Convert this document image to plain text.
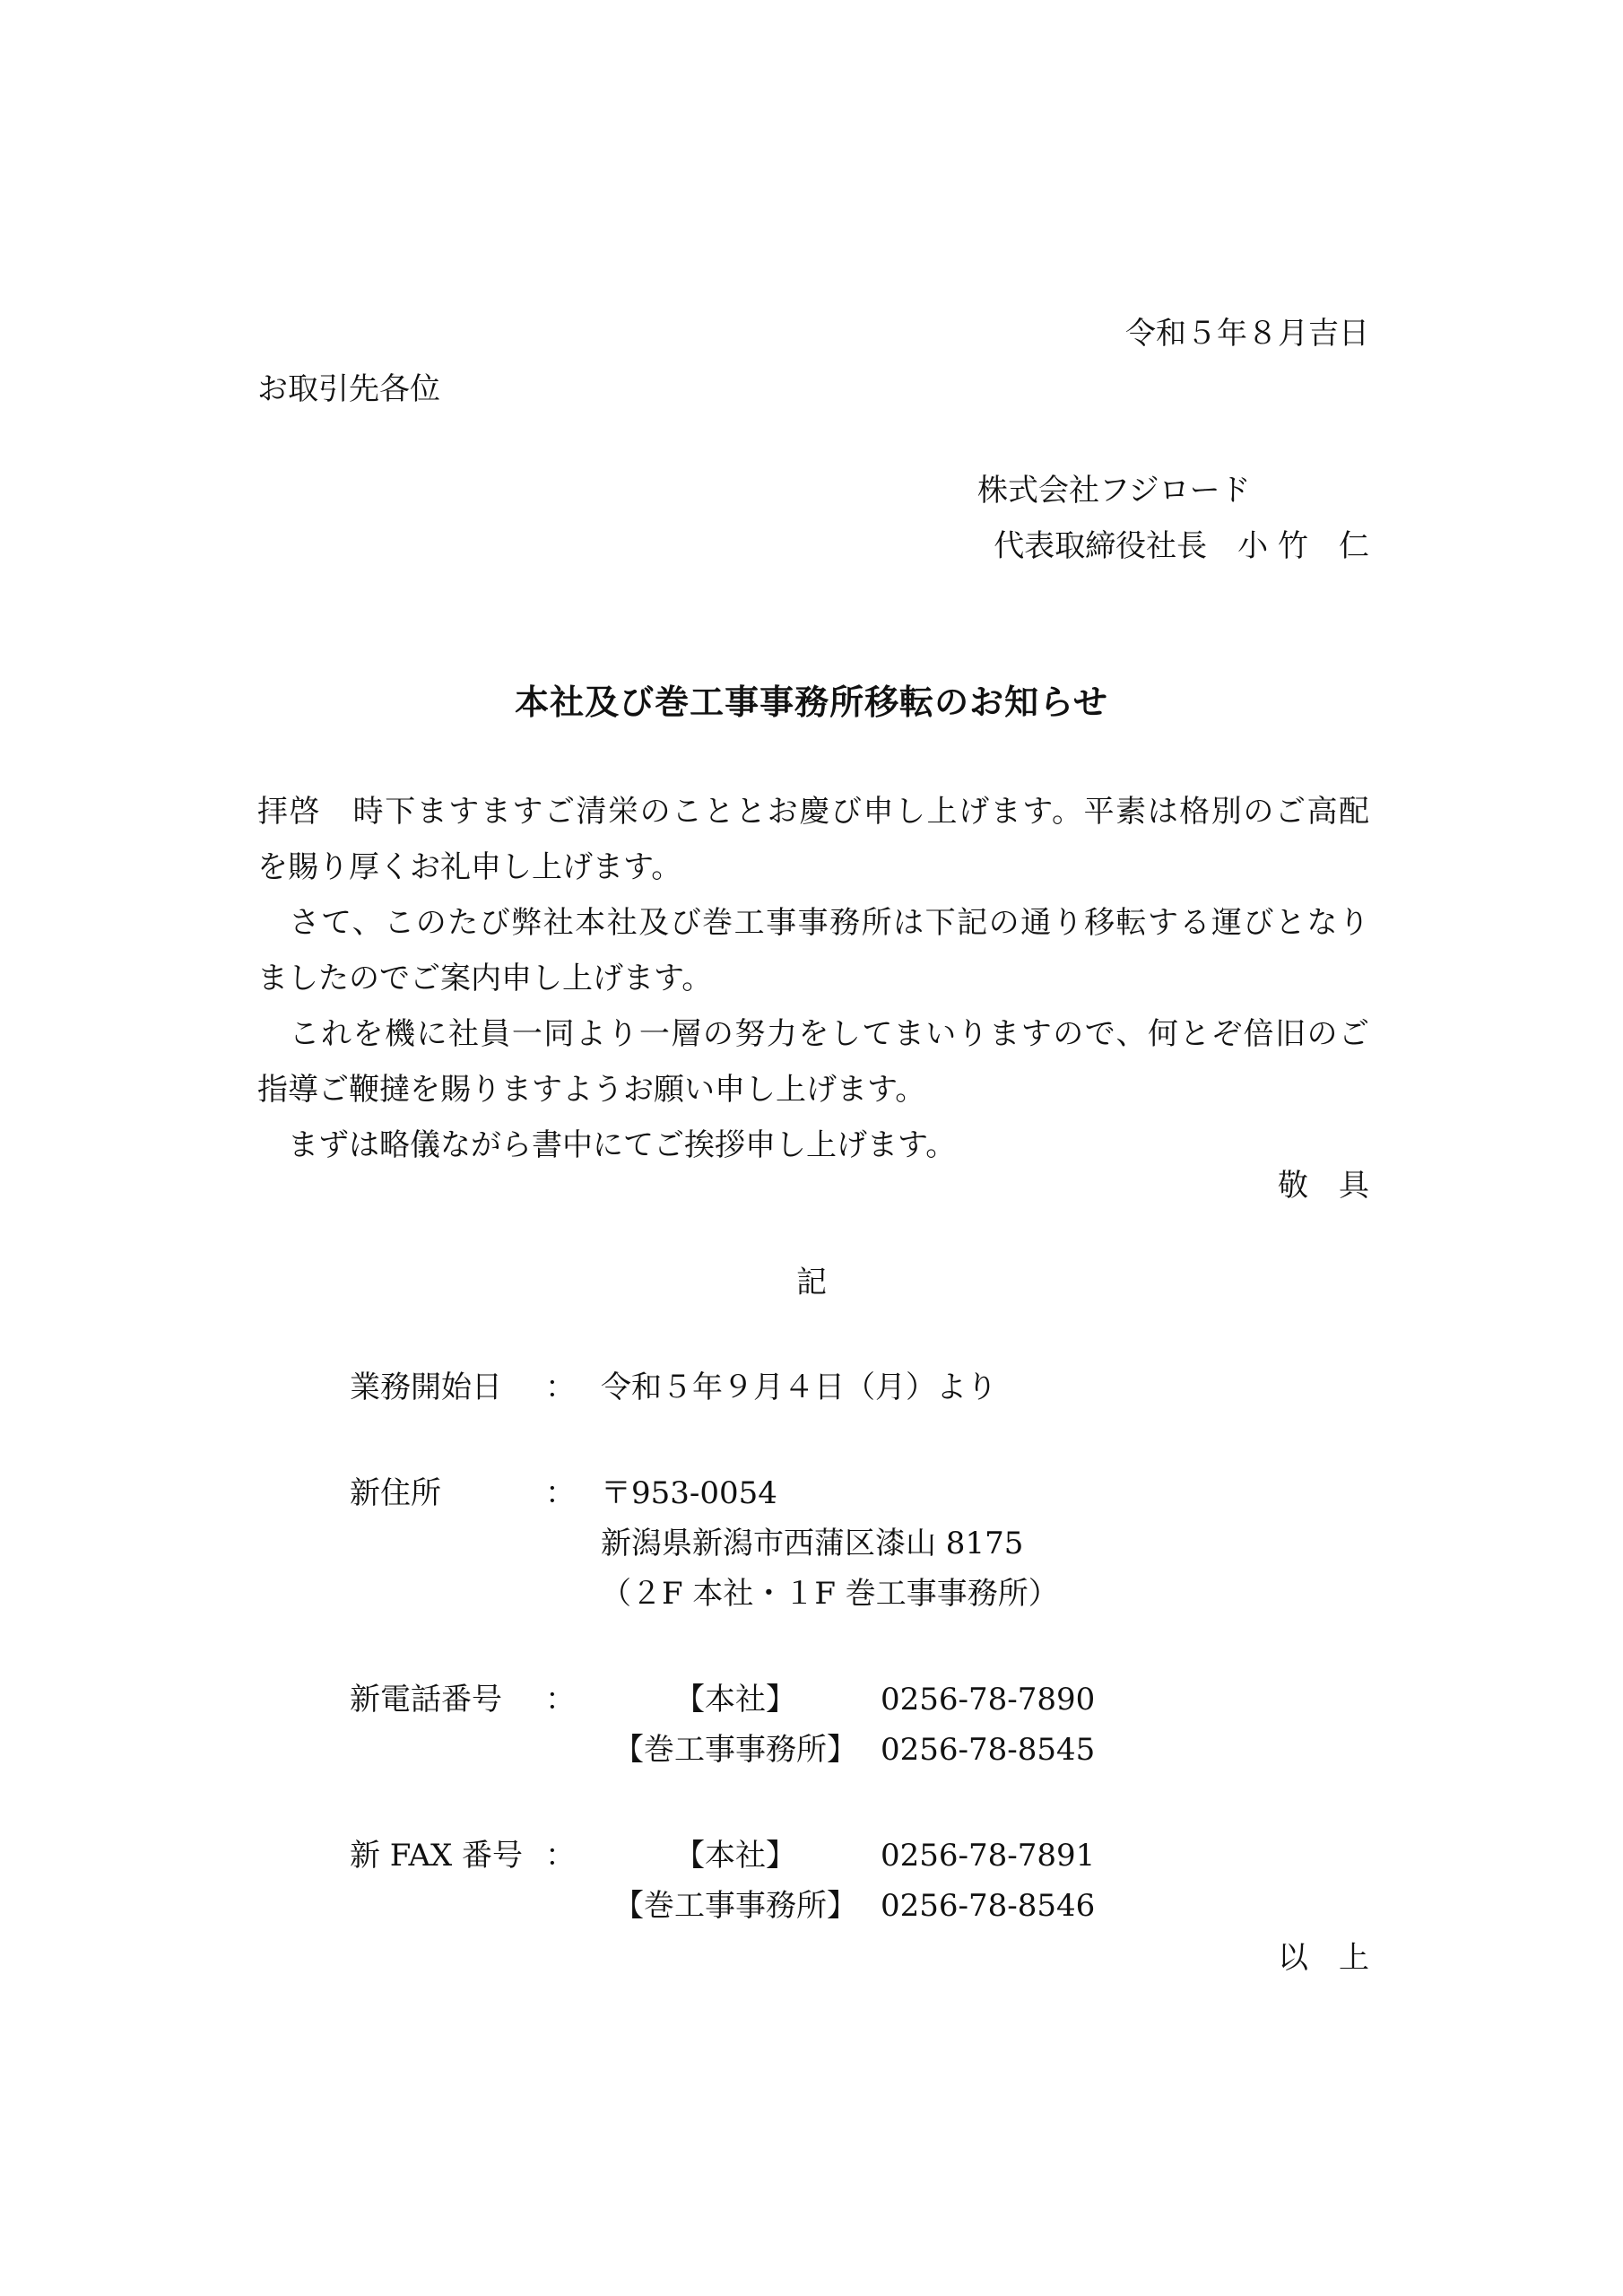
令和５年８月吉日
お取引先各位
株式会社フジロード
代表取締役社長　小 竹　仁
本社及び巻工事事務所移転のお知らせ
拝啓　時下ますますご清栄のこととお慶び申し上げます。平素は格別のご高配
を賜り厚くお礼申し上げます。
　さて、このたび弊社本社及び巻工事事務所は下記の通り移転する運びとなり
ましたのでご案内申し上げます。
　これを機に社員一同より一層の努力をしてまいりますので、何とぞ倍旧のご
指導ご鞭撻を賜りますようお願い申し上げます。
　まずは略儀ながら書中にてご挨拶申し上げます。
敬　具
記
業務開始日 ： 令和５年９月４日（月）より
新住所	： 〒953-0054
新潟県新潟市西蒲区漆山 8175
（２F 本社・１F 巻工事事務所）
新電話番号 ：	【本社】	0256-78-7890
【巻工事事務所】 0256-78-8545
新 FAX 番号 ：	【本社】	0256-78-7891
【巻工事事務所】 0256-78-8546
以　上
